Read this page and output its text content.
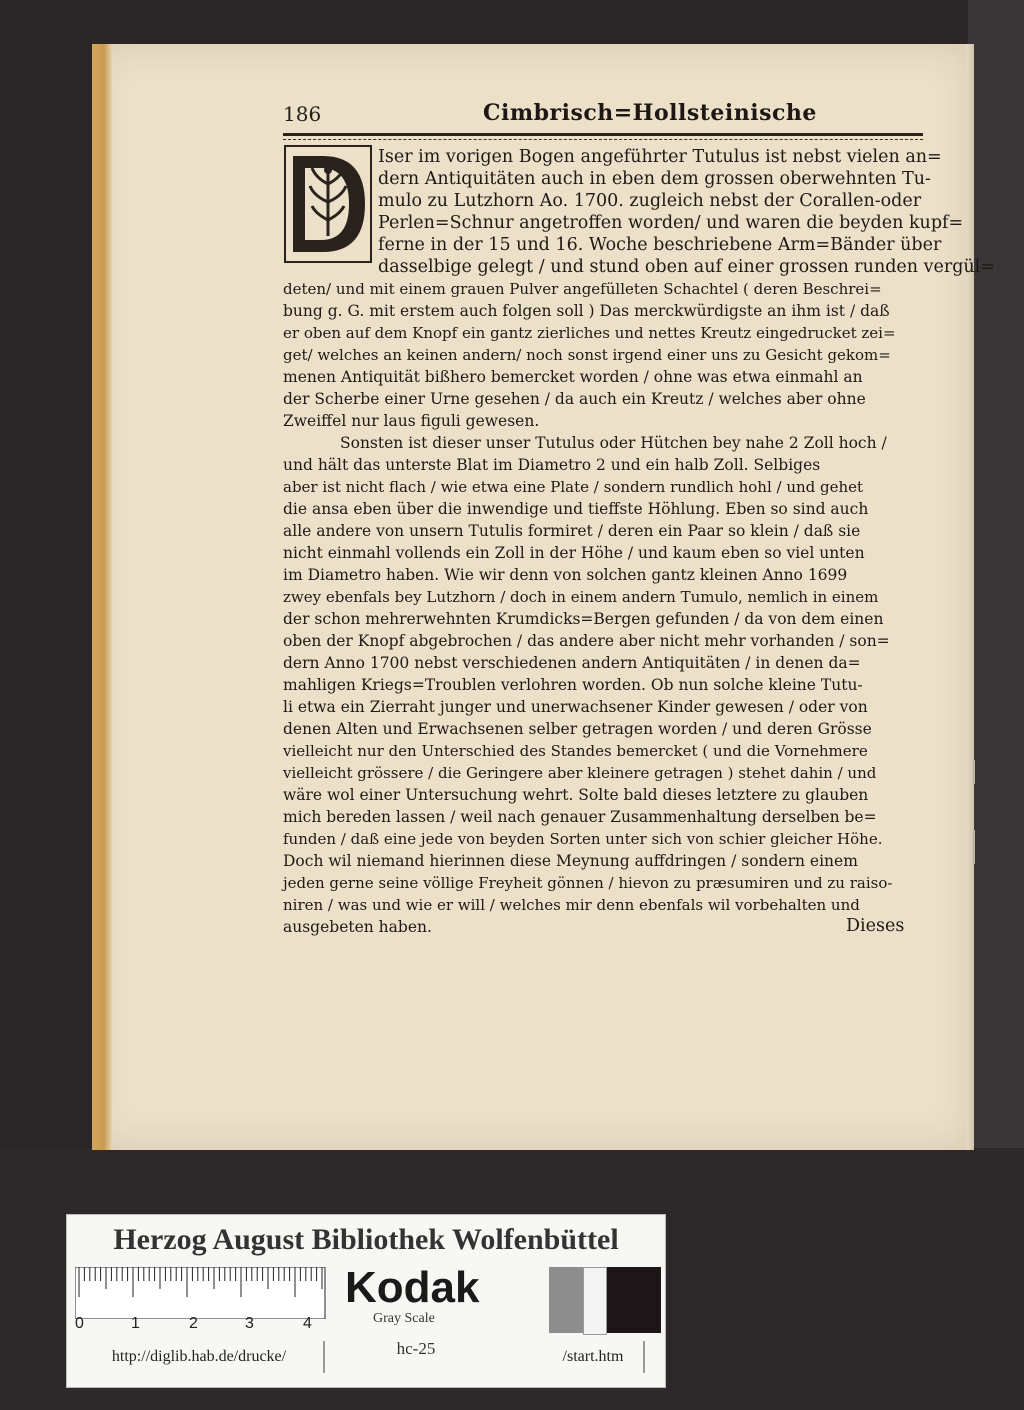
186	Cimbrisch=Hollsteinische
Iser im vorigen Bogen angeführter Tutulus ist nebst vielen an=
dern Antiquitäten auch in eben dem grossen oberwehnten Tu-
mulo zu Lutzhorn Ao. 1700. zugleich nebst der Corallen-oder
Perlen=Schnur angetroffen worden/ und waren die beyden kupf=
ferne in der 15 und 16. Woche beschriebene Arm=Bänder über
dasselbige gelegt / und stund oben auf einer grossen runden vergül=
deten/ und mit einem grauen Pulver angefülleten Schachtel ( deren Beschrei=
bung g. G. mit erstem auch folgen soll ) Das merckwürdigste an ihm ist / daß
er oben auf dem Knopf ein gantz zierliches und nettes Kreutz eingedrucket zei=
get/ welches an keinen andern/ noch sonst irgend einer uns zu Gesicht gekom=
menen Antiquität bißhero bemercket worden / ohne was etwa einmahl an
der Scherbe einer Urne gesehen / da auch ein Kreutz / welches aber ohne
Zweiffel nur laus figuli gewesen.
Sonsten ist dieser unser Tutulus oder Hütchen bey nahe 2 Zoll hoch /
und hält das unterste Blat im Diametro 2 und ein halb Zoll. Selbiges
aber ist nicht flach / wie etwa eine Plate / sondern rundlich hohl / und gehet
die ansa eben über die inwendige und tieffste Höhlung. Eben so sind auch
alle andere von unsern Tutulis formiret / deren ein Paar so klein / daß sie
nicht einmahl vollends ein Zoll in der Höhe / und kaum eben so viel unten
im Diametro haben. Wie wir denn von solchen gantz kleinen Anno 1699
zwey ebenfals bey Lutzhorn / doch in einem andern Tumulo, nemlich in einem
der schon mehrerwehnten Krumdicks=Bergen gefunden / da von dem einen
oben der Knopf abgebrochen / das andere aber nicht mehr vorhanden / son=
dern Anno 1700 nebst verschiedenen andern Antiquitäten / in denen da=
mahligen Kriegs=Troublen verlohren worden. Ob nun solche kleine Tutu-
li etwa ein Zierraht junger und unerwachsener Kinder gewesen / oder von
denen Alten und Erwachsenen selber getragen worden / und deren Grösse
vielleicht nur den Unterschied des Standes bemercket ( und die Vornehmere
vielleicht grössere / die Geringere aber kleinere getragen ) stehet dahin / und
wäre wol einer Untersuchung wehrt. Solte bald dieses letztere zu glauben
mich bereden lassen / weil nach genauer Zusammenhaltung derselben be=
funden / daß eine jede von beyden Sorten unter sich von schier gleicher Höhe.
Doch wil niemand hierinnen diese Meynung auffdringen / sondern einem
jeden gerne seine völlige Freyheit gönnen / hievon zu præsumiren und zu raiso-
niren / was und wie er will / welches mir denn ebenfals wil vorbehalten und
ausgebeten haben.	Dieses
Herzog August Bibliothek Wolfenbüttel
0	1	2	3	4
Kodak
Gray Scale
http://diglib.hab.de/drucke/	hc-25	/start.htm
